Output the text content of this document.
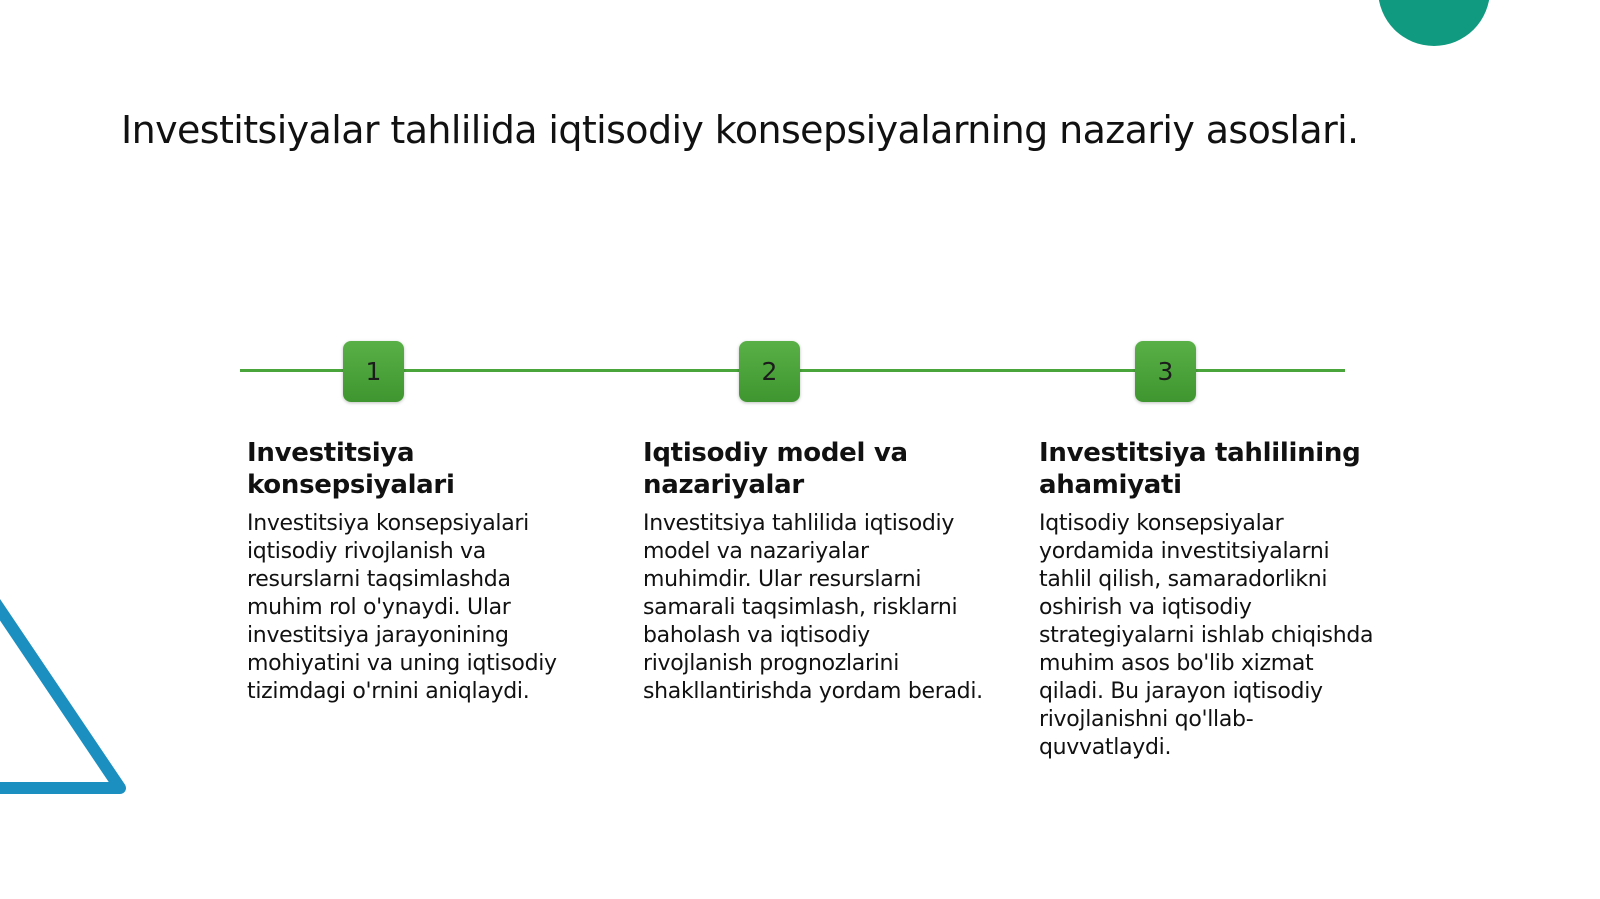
Investitsiyalar tahlilida iqtisodiy konsepsiyalarning nazariy asoslari.
1	2	3
Investitsiya konsepsiyalari

Investitsiya konsepsiyalari iqtisodiy rivojlanish va resurslarni taqsimlashda muhim rol o'ynaydi. Ular investitsiya jarayonining mohiyatini va uning iqtisodiy tizimdagi o'rnini aniqlaydi.

Iqtisodiy model va nazariyalar

Investitsiya tahlilida iqtisodiy model va nazariyalar muhimdir. Ular resurslarni samarali taqsimlash, risklarni baholash va iqtisodiy rivojlanish prognozlarini shakllantirishda yordam beradi.

Investitsiya tahlilining ahamiyati

Iqtisodiy konsepsiyalar yordamida investitsiyalarni tahlil qilish, samaradorlikni oshirish va iqtisodiy strategiyalarni ishlab chiqishda muhim asos bo'lib xizmat qiladi. Bu jarayon iqtisodiy rivojlanishni qo'llab-quvvatlaydi.
